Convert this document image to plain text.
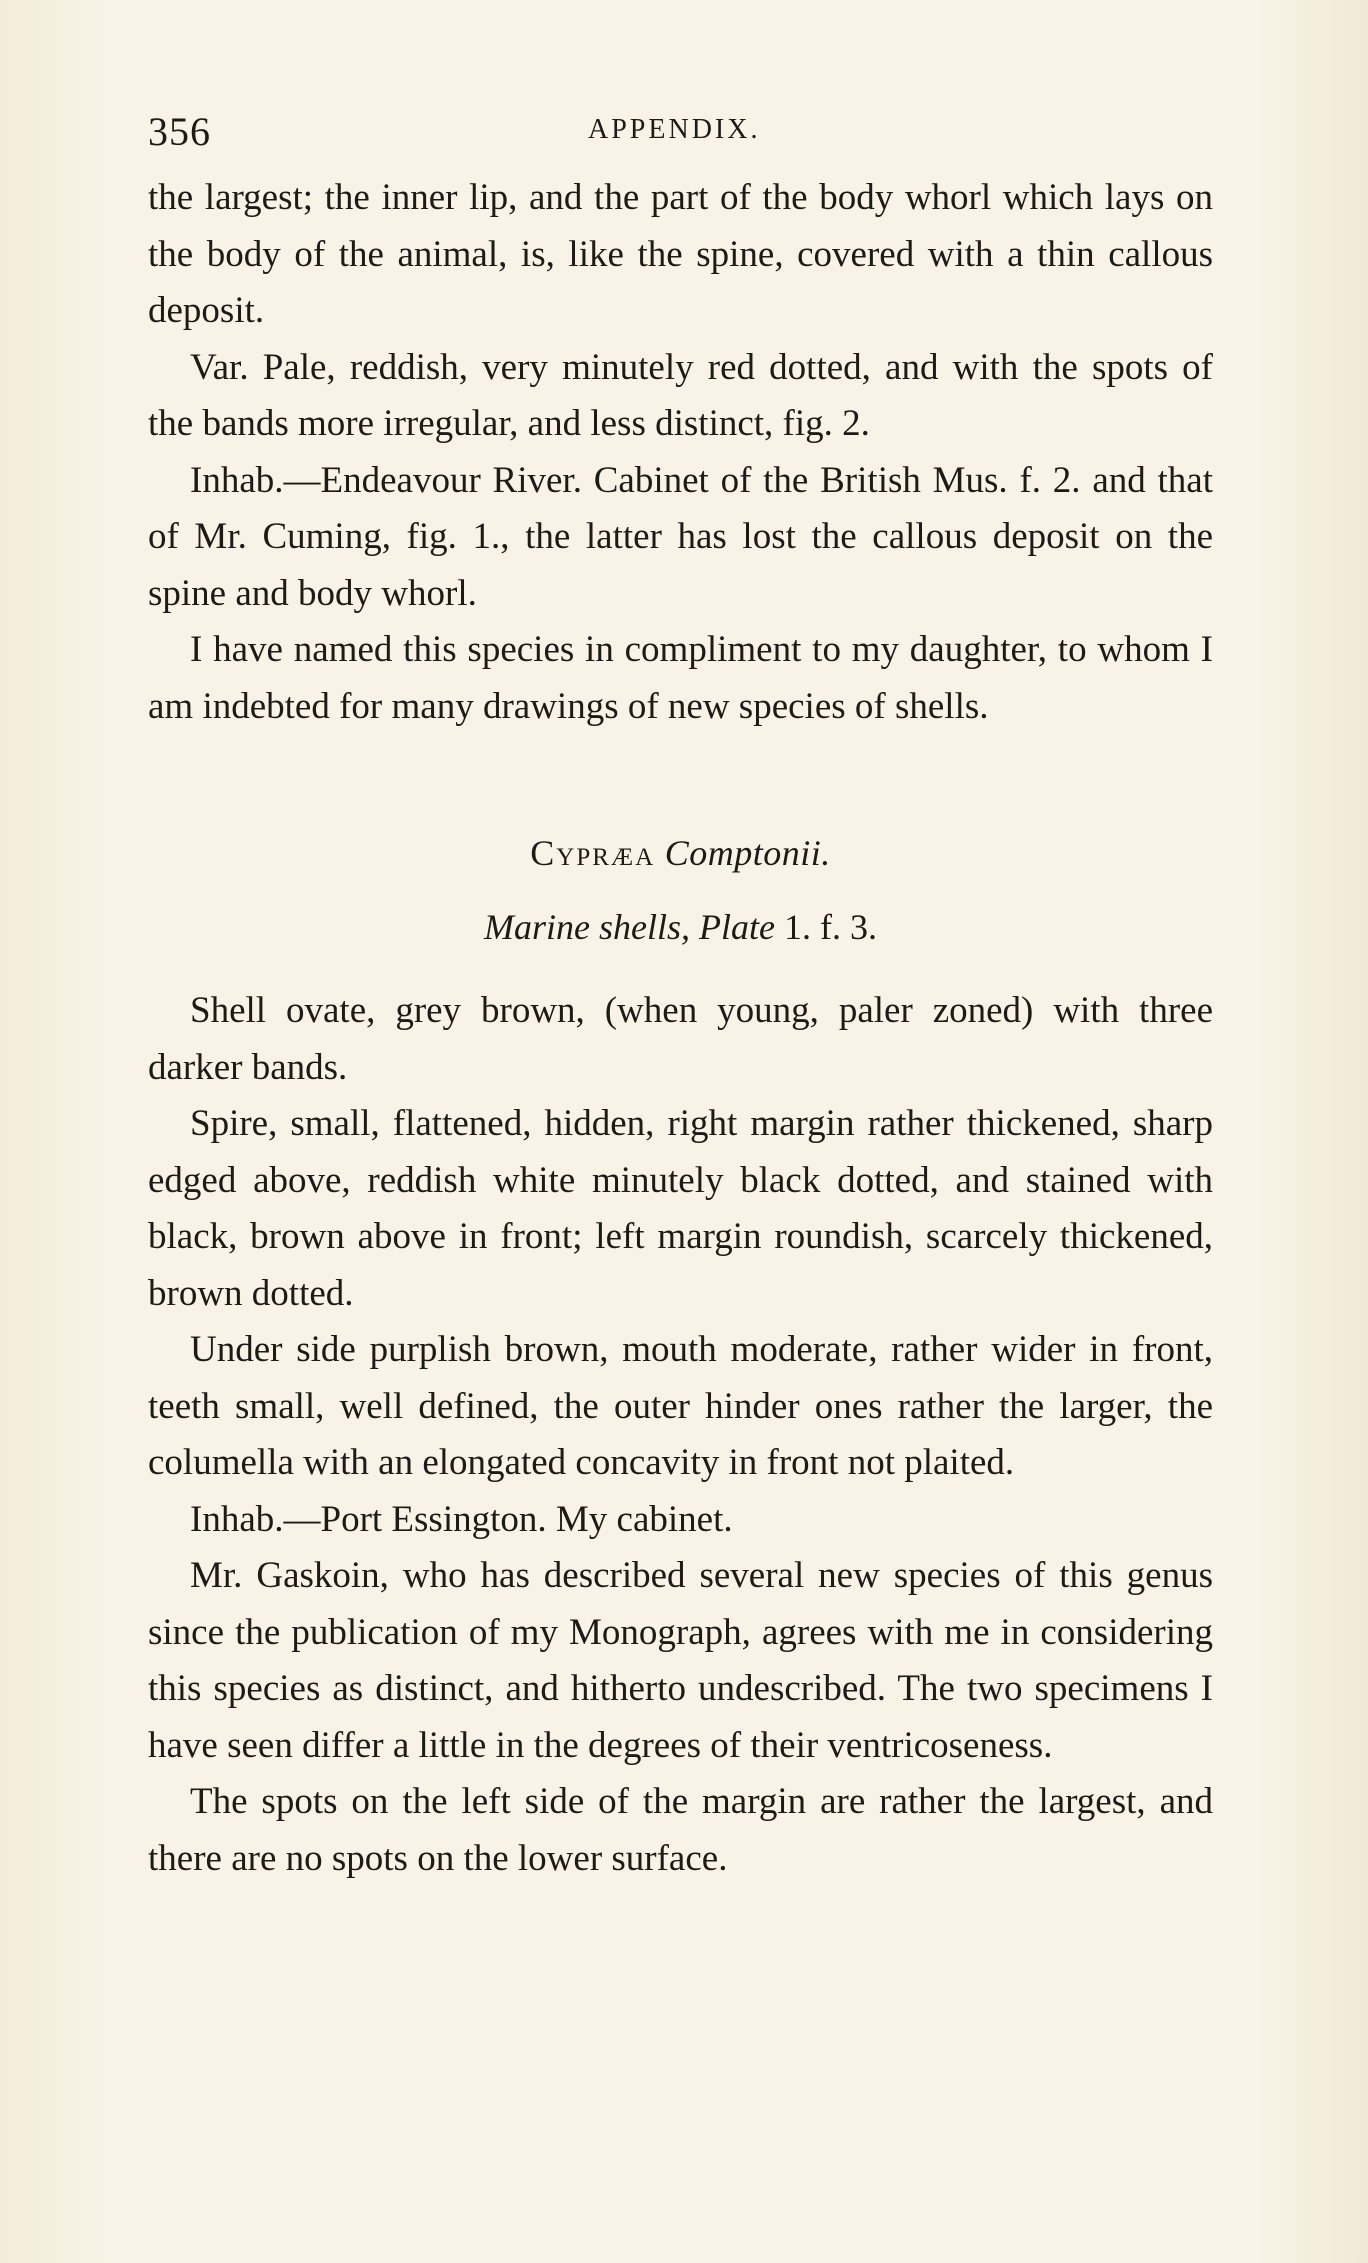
356	APPENDIX.

the largest; the inner lip, and the part of the body whorl which lays on the body of the animal, is, like the spine, covered with a thin callous deposit.

Var. Pale, reddish, very minutely red dotted, and with the spots of the bands more irregular, and less distinct, fig. 2.

Inhab.—Endeavour River. Cabinet of the British Mus. f. 2. and that of Mr. Cuming, fig. 1., the latter has lost the callous deposit on the spine and body whorl.

I have named this species in compliment to my daughter, to whom I am indebted for many drawings of new species of shells.

Cypræa Comptonii.

Marine shells, Plate 1. f. 3.

Shell ovate, grey brown, (when young, paler zoned) with three darker bands.

Spire, small, flattened, hidden, right margin rather thickened, sharp edged above, reddish white minutely black dotted, and stained with black, brown above in front; left margin roundish, scarcely thickened, brown dotted.

Under side purplish brown, mouth moderate, rather wider in front, teeth small, well defined, the outer hinder ones rather the larger, the columella with an elongated concavity in front not plaited.

Inhab.—Port Essington. My cabinet.

Mr. Gaskoin, who has described several new species of this genus since the publication of my Monograph, agrees with me in considering this species as distinct, and hitherto undescribed. The two specimens I have seen differ a little in the degrees of their ventricoseness.

The spots on the left side of the margin are rather the largest, and there are no spots on the lower surface.
